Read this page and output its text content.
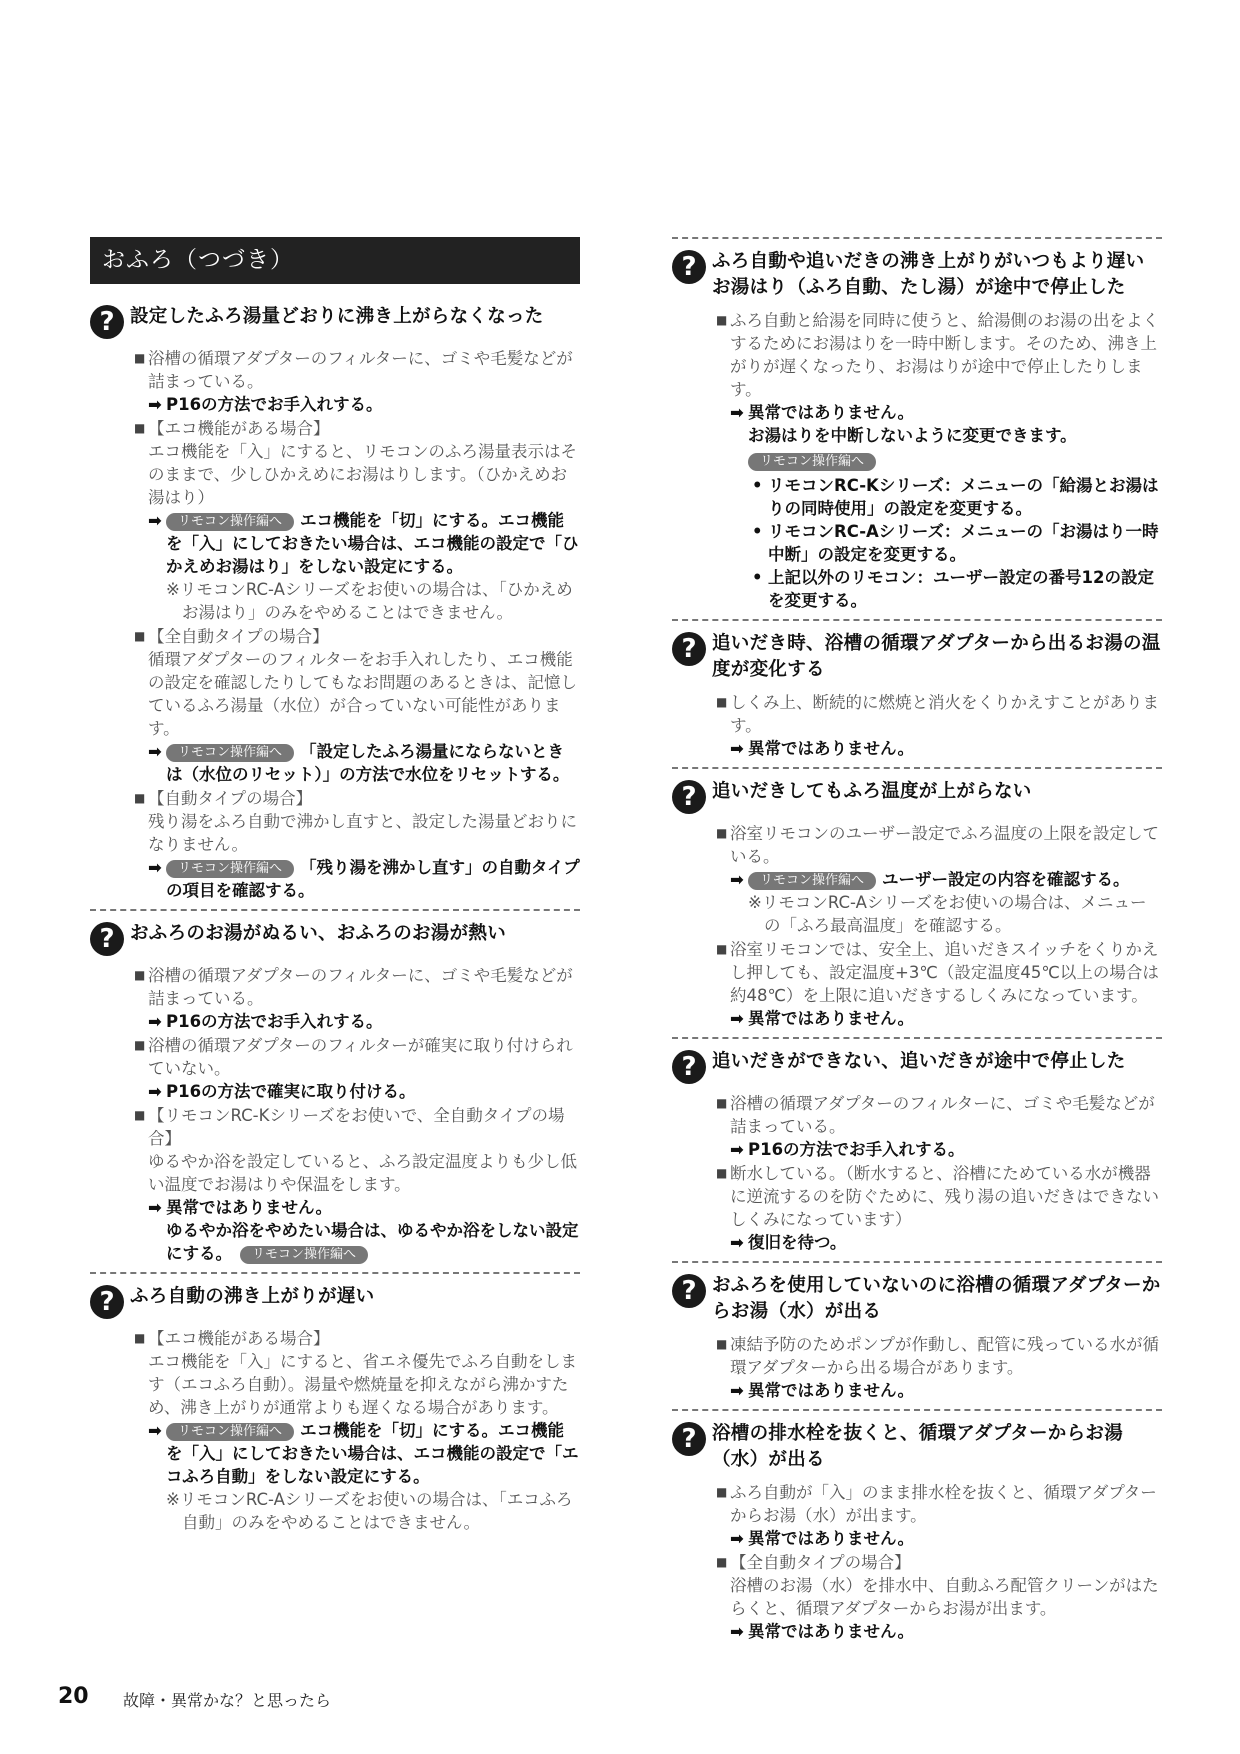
おふろ（つづき）
? 設定したふろ湯量どおりに沸き上がらなくなった
■ 浴槽の循環アダプターのフィルターに、ゴミや毛髪などが詰まっている。
➡ P16の方法でお手入れする。
■ 【エコ機能がある場合】
エコ機能を「入」にすると、リモコンのふろ湯量表示はそのままで、少しひかえめにお湯はりします。（ひかえめお湯はり）
➡ リモコン操作編へ エコ機能を「切」にする。エコ機能を「入」にしておきたい場合は、エコ機能の設定で「ひかえめお湯はり」をしない設定にする。
※リモコンRC-Aシリーズをお使いの場合は、「ひかえめお湯はり」のみをやめることはできません。
■ 【全自動タイプの場合】
循環アダプターのフィルターをお手入れしたり、エコ機能の設定を確認したりしてもなお問題のあるときは、記憶しているふろ湯量（水位）が合っていない可能性があります。
➡ リモコン操作編へ 「設定したふろ湯量にならないときは（水位のリセット）」の方法で水位をリセットする。
■ 【自動タイプの場合】
残り湯をふろ自動で沸かし直すと、設定した湯量どおりになりません。
➡ リモコン操作編へ 「残り湯を沸かし直す」の自動タイプの項目を確認する。
? おふろのお湯がぬるい、おふろのお湯が熱い
■ 浴槽の循環アダプターのフィルターに、ゴミや毛髪などが詰まっている。
➡ P16の方法でお手入れする。
■ 浴槽の循環アダプターのフィルターが確実に取り付けられていない。
➡ P16の方法で確実に取り付ける。
■ 【リモコンRC-Kシリーズをお使いで、全自動タイプの場合】
ゆるやか浴を設定していると、ふろ設定温度よりも少し低い温度でお湯はりや保温をします。
➡ 異常ではありません。
ゆるやか浴をやめたい場合は、ゆるやか浴をしない設定にする。 リモコン操作編へ
? ふろ自動の沸き上がりが遅い
■ 【エコ機能がある場合】
エコ機能を「入」にすると、省エネ優先でふろ自動をします（エコふろ自動）。湯量や燃焼量を抑えながら沸かすため、沸き上がりが通常よりも遅くなる場合があります。
➡ リモコン操作編へ エコ機能を「切」にする。エコ機能を「入」にしておきたい場合は、エコ機能の設定で「エコふろ自動」をしない設定にする。
※リモコンRC-Aシリーズをお使いの場合は、「エコふろ自動」のみをやめることはできません。
? ふろ自動や追いだきの沸き上がりがいつもより遅いお湯はり（ふろ自動、たし湯）が途中で停止した
■ ふろ自動と給湯を同時に使うと、給湯側のお湯の出をよくするためにお湯はりを一時中断します。そのため、沸き上がりが遅くなったり、お湯はりが途中で停止したりします。
➡ 異常ではありません。
お湯はりを中断しないように変更できます。
リモコン操作編へ
• リモコンRC-Kシリーズ：メニューの「給湯とお湯はりの同時使用」の設定を変更する。
• リモコンRC-Aシリーズ：メニューの「お湯はり一時中断」の設定を変更する。
• 上記以外のリモコン：ユーザー設定の番号12の設定を変更する。
? 追いだき時、浴槽の循環アダプターから出るお湯の温度が変化する
■ しくみ上、断続的に燃焼と消火をくりかえすことがあります。
➡ 異常ではありません。
? 追いだきしてもふろ温度が上がらない
■ 浴室リモコンのユーザー設定でふろ温度の上限を設定している。
➡ リモコン操作編へ ユーザー設定の内容を確認する。
※リモコンRC-Aシリーズをお使いの場合は、メニューの「ふろ最高温度」を確認する。
■ 浴室リモコンでは、安全上、追いだきスイッチをくりかえし押しても、設定温度+3℃（設定温度45℃以上の場合は約48℃）を上限に追いだきするしくみになっています。
➡ 異常ではありません。
? 追いだきができない、追いだきが途中で停止した
■ 浴槽の循環アダプターのフィルターに、ゴミや毛髪などが詰まっている。
➡ P16の方法でお手入れする。
■ 断水している。（断水すると、浴槽にためている水が機器に逆流するのを防ぐために、残り湯の追いだきはできないしくみになっています）
➡ 復旧を待つ。
? おふろを使用していないのに浴槽の循環アダプターからお湯（水）が出る
■ 凍結予防のためポンプが作動し、配管に残っている水が循環アダプターから出る場合があります。
➡ 異常ではありません。
? 浴槽の排水栓を抜くと、循環アダプターからお湯（水）が出る
■ ふろ自動が「入」のまま排水栓を抜くと、循環アダプターからお湯（水）が出ます。
➡ 異常ではありません。
■ 【全自動タイプの場合】
浴槽のお湯（水）を排水中、自動ふろ配管クリーンがはたらくと、循環アダプターからお湯が出ます。
➡ 異常ではありません。
20 故障・異常かな？と思ったら
